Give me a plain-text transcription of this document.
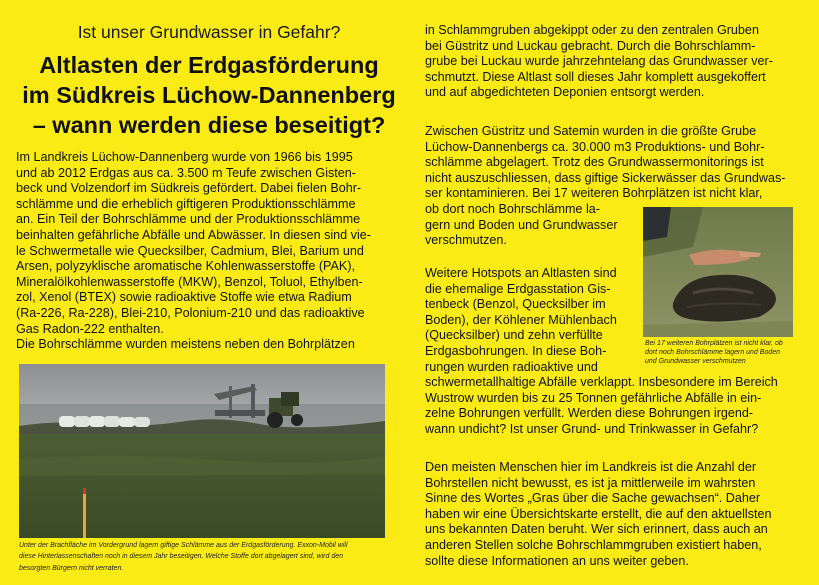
Ist unser Grundwasser in Gefahr?
Altlasten der Erdgasförderung
im Südkreis Lüchow-Dannenberg
– wann werden diese beseitigt?
Im Landkreis Lüchow-Dannenberg wurde von 1966 bis 1995
und ab 2012 Erdgas aus ca. 3.500 m Teufe zwischen Gisten-
beck und Volzendorf im Südkreis gefördert. Dabei fielen Bohr-
schlämme und die erheblich giftigeren Produktionsschlämme
an. Ein Teil der Bohrschlämme und der Produktionsschlämme
beinhalten gefährliche Abfälle und Abwässer. In diesen sind vie-
le Schwermetalle wie Quecksilber, Cadmium, Blei, Barium und
Arsen, polyzyklische aromatische Kohlenwasserstoffe (PAK),
Mineralölkohlenwasserstoffe (MKW), Benzol, Toluol, Ethylben-
zol, Xenol (BTEX) sowie radioaktive Stoffe wie etwa Radium
(Ra-226, Ra-228), Blei-210, Polonium-210 und das radioaktive
Gas Radon-222 enthalten.
Die Bohrschlämme wurden meistens neben den Bohrplätzen
Unter der Brachfläche im Vordergrund lagern giftige Schlämme aus der Erdgasförderung. Exxon-Mobil will
diese Hinterlassenschaften noch in diesem Jahr beseitigen. Welche Stoffe dort abgelagert sind, wird den
besorgten Bürgern nicht verraten.
in Schlammgruben abgekippt oder zu den zentralen Gruben
bei Güstritz und Luckau gebracht. Durch die Bohrschlamm-
grube bei Luckau wurde jahrzehntelang das Grundwasser ver-
schmutzt. Diese Altlast soll dieses Jahr komplett ausgekoffert
und auf abgedichteten Deponien entsorgt werden.
Zwischen Güstritz und Satemin wurden in die größte Grube
Lüchow-Dannenbergs ca. 30.000 m3 Produktions- und Bohr-
schlämme abgelagert. Trotz des Grundwassermonitorings ist
nicht auszuschliessen, dass giftige Sickerwässer das Grundwas-
ser kontaminieren. Bei 17 weiteren Bohrplätzen ist nicht klar,
ob dort noch Bohrschlämme la-
gern und Boden und Grundwasser
verschmutzen.
Bei 17 weiteren Bohrplätzen ist nicht klar, ob
dort noch Bohrschlämme lagern und Boden
und Grundwasser verschmutzen
Weitere Hotspots an Altlasten sind
die ehemalige Erdgasstation Gis-
tenbeck (Benzol, Quecksilber im
Boden), der Köhlener Mühlenbach
(Quecksilber) und zehn verfüllte
Erdgasbohrungen. In diese Boh-
rungen wurden radioaktive und
schwermetallhaltige Abfälle verklappt. Insbesondere im Bereich
Wustrow wurden bis zu 25 Tonnen gefährliche Abfälle in ein-
zelne Bohrungen verfüllt. Werden diese Bohrungen irgend-
wann undicht? Ist unser Grund- und Trinkwasser in Gefahr?
Den meisten Menschen hier im Landkreis ist die Anzahl der
Bohrstellen nicht bewusst, es ist ja mittlerweile im wahrsten
Sinne des Wortes „Gras über die Sache gewachsen“. Daher
haben wir eine Übersichtskarte erstellt, die auf den aktuellsten
uns bekannten Daten beruht. Wer sich erinnert, dass auch an
anderen Stellen solche Bohrschlammgruben existiert haben,
sollte diese Informationen an uns weiter geben.
